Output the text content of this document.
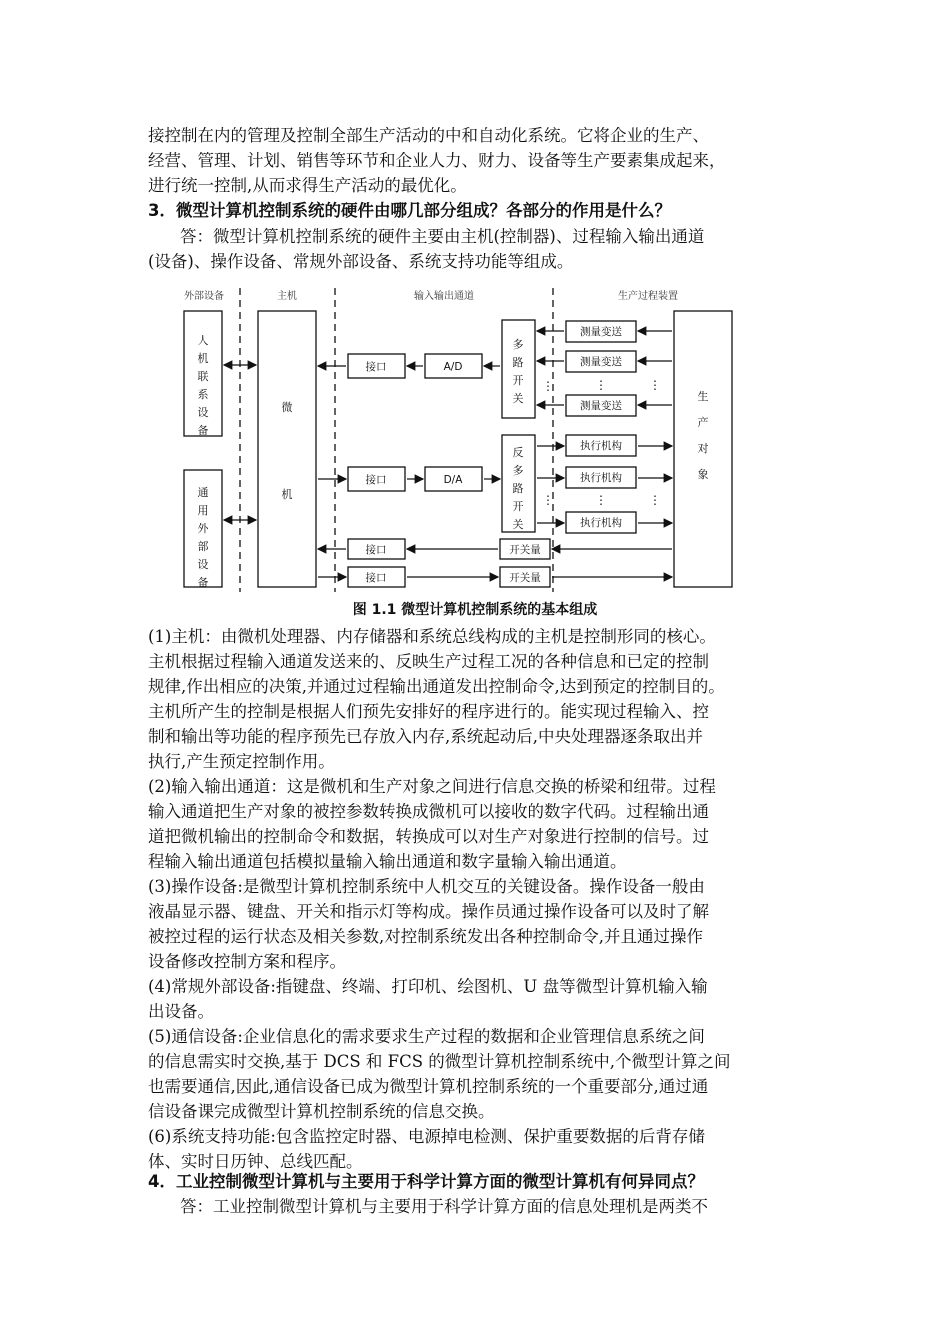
接控制在内的管理及控制全部生产活动的中和自动化系统。它将企业的生产、

经营、管理、计划、销售等环节和企业人力、财力、设备等生产要素集成起来，

进行统一控制,从而求得生产活动的最优化。

3．微型计算机控制系统的硬件由哪几部分组成？各部分的作用是什么？

答：微型计算机控制系统的硬件主要由主机(控制器)、过程输入输出通道

(设备)、操作设备、常规外部设备、系统支持功能等组成。

外部设备	主机	输入输出通道	生产过程装置
人
机
联
系
设
备
通
用
外
部
设
备
多
路
开
关
反
多
路
开
关
微
机
生
产
对
象
接口	A/D
接口	D/A
测量变送
测量变送
测量变送
执行机构
执行机构
执行机构
接口
接口
开关量
开关量
⋮	⋮	⋮
⋮	⋮	⋮
图 1.1 微型计算机控制系统的基本组成

(1)主机：由微机处理器、内存储器和系统总线构成的主机是控制形同的核心。

主机根据过程输入通道发送来的、反映生产过程工况的各种信息和已定的控制

规律,作出相应的决策,并通过过程输出通道发出控制命令,达到预定的控制目的。

主机所产生的控制是根据人们预先安排好的程序进行的。能实现过程输入、控

制和输出等功能的程序预先已存放入内存,系统起动后,中央处理器逐条取出并

执行,产生预定控制作用。

(2)输入输出通道：这是微机和生产对象之间进行信息交换的桥梁和纽带。过程

输入通道把生产对象的被控参数转换成微机可以接收的数字代码。过程输出通

道把微机输出的控制命令和数据，转换成可以对生产对象进行控制的信号。过

程输入输出通道包括模拟量输入输出通道和数字量输入输出通道。

(3)操作设备:是微型计算机控制系统中人机交互的关键设备。操作设备一般由

液晶显示器、键盘、开关和指示灯等构成。操作员通过操作设备可以及时了解

被控过程的运行状态及相关参数,对控制系统发出各种控制命令,并且通过操作

设备修改控制方案和程序。

(4)常规外部设备:指键盘、终端、打印机、绘图机、U 盘等微型计算机输入输

出设备。

(5)通信设备:企业信息化的需求要求生产过程的数据和企业管理信息系统之间

的信息需实时交换,基于 DCS 和 FCS 的微型计算机控制系统中,个微型计算之间

也需要通信,因此,通信设备已成为微型计算机控制系统的一个重要部分,通过通

信设备课完成微型计算机控制系统的信息交换。

(6)系统支持功能:包含监控定时器、电源掉电检测、保护重要数据的后背存储

体、实时日历钟、总线匹配。

4．工业控制微型计算机与主要用于科学计算方面的微型计算机有何异同点？

答：工业控制微型计算机与主要用于科学计算方面的信息处理机是两类不
